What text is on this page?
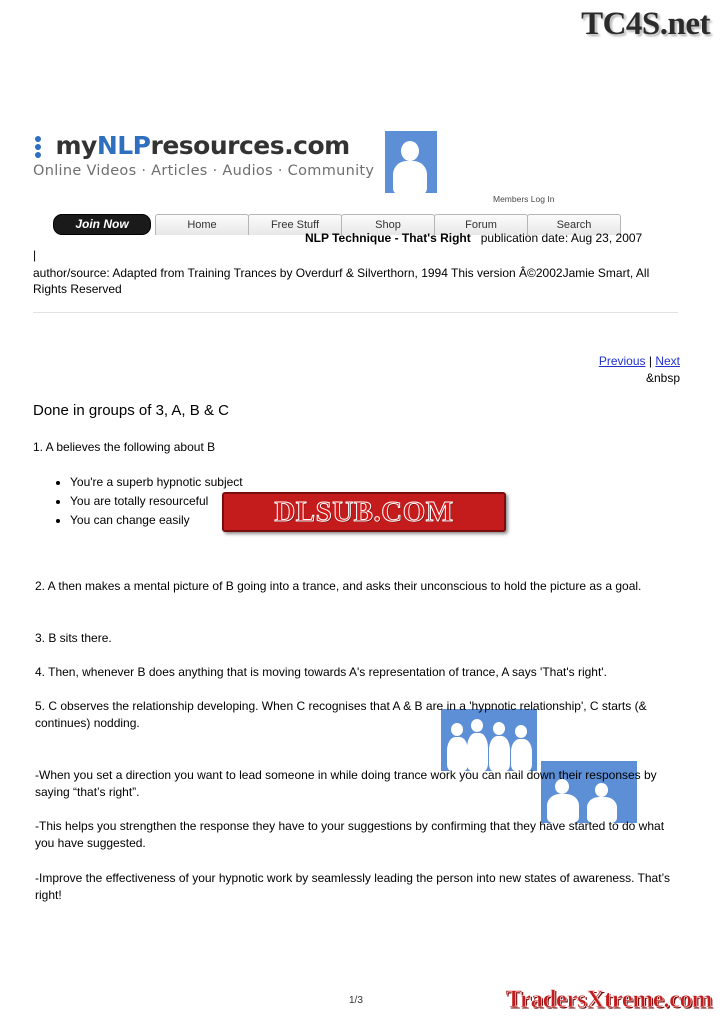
TC4S.net
myNLPresources.com
Online Videos · Articles · Audios · Community
Members Log In
Join Now	Home	Free Stuff	Shop	Forum	Search
NLP Technique - That's Right publication date: Aug 23, 2007
|
author/source: Adapted from Training Trances by Overdurf & Silverthorn, 1994 This version Â©2002Jamie Smart, All Rights Reserved
Previous | Next
&nbsp
Done in groups of 3, A, B & C
1. A believes the following about B
• You're a superb hypnotic subject
• You are totally resourceful
• You can change easily	DLSUB.COM
2. A then makes a mental picture of B going into a trance, and asks their unconscious to hold the picture as a goal.
3. B sits there.
4. Then, whenever B does anything that is moving towards A's representation of trance, A says 'That's right'.
5. C observes the relationship developing. When C recognises that A & B are in a 'hypnotic relationship', C starts (& continues) nodding.
-When you set a direction you want to lead someone in while doing trance work you can nail down their responses by saying “that’s right”.
-This helps you strengthen the response they have to your suggestions by confirming that they have started to do what you have suggested.
-Improve the effectiveness of your hypnotic work by seamlessly leading the person into new states of awareness. That’s right!
1/3	TradersXtreme.com
